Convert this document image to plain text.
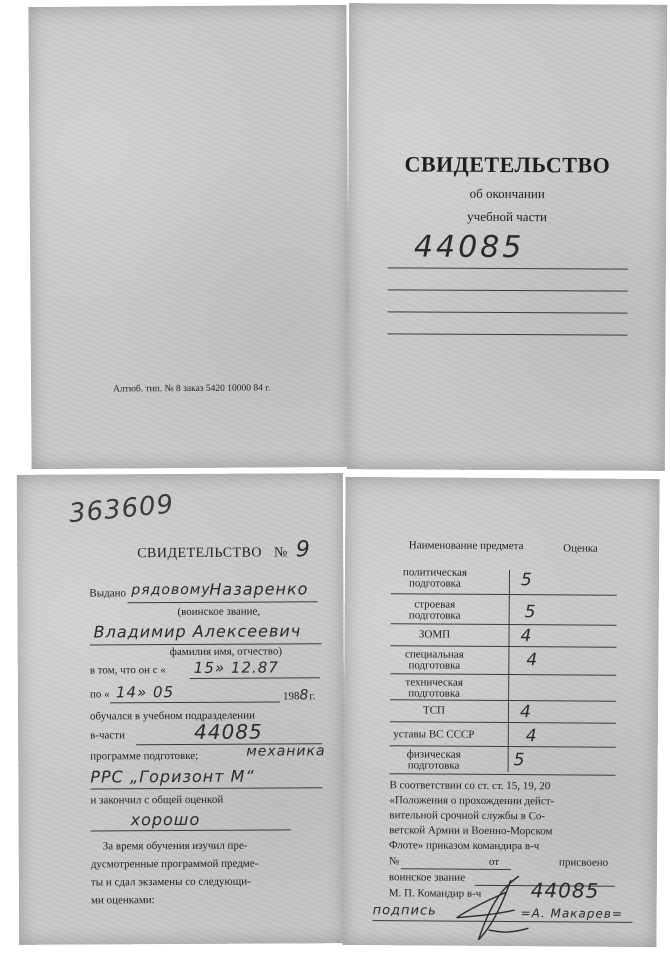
Алтюб. тип. № 8 заказ 5420 10000 84 г.
СВИДЕТЕЛЬСТВО
об окончании
учебной части
44085
363609
СВИДЕТЕЛЬСТВО № 9
Выдано рядовому
Назаренко
(воинское звание,
Владимир Алексеевич
фамилия имя, отчество)
в том, что он с « 15» 12.87
по « 14» 05	1988г.
обучался в учебном подразделении
в-части	44085
программе подготовке;	механика
РРС „Горизонт М“
и закончил с общей оценкой
хорошо
За время обучения изучил пре-
дусмотренные программой предме-
ты и сдал экзамены со следующи-
ми оценками:
Наименование предмета	Оценка
политическая подготовка	5
строевая подготовка	5
ЗОМП	4
специальная подготовка	4
техническая подготовка
ТСП	4
уставы ВС СССР	4
физическая подготовка	5
В соответствии со ст. ст. 15, 19, 20
«Положения о прохождении дейст-
вительной срочной службы в Со-
ветской Армии и Военно-Морском
Флоте» приказом командира в-ч
№	от	присвоено
воинское звание
М. П. Командир в-ч 44085
подпись	=А. Макарев=
